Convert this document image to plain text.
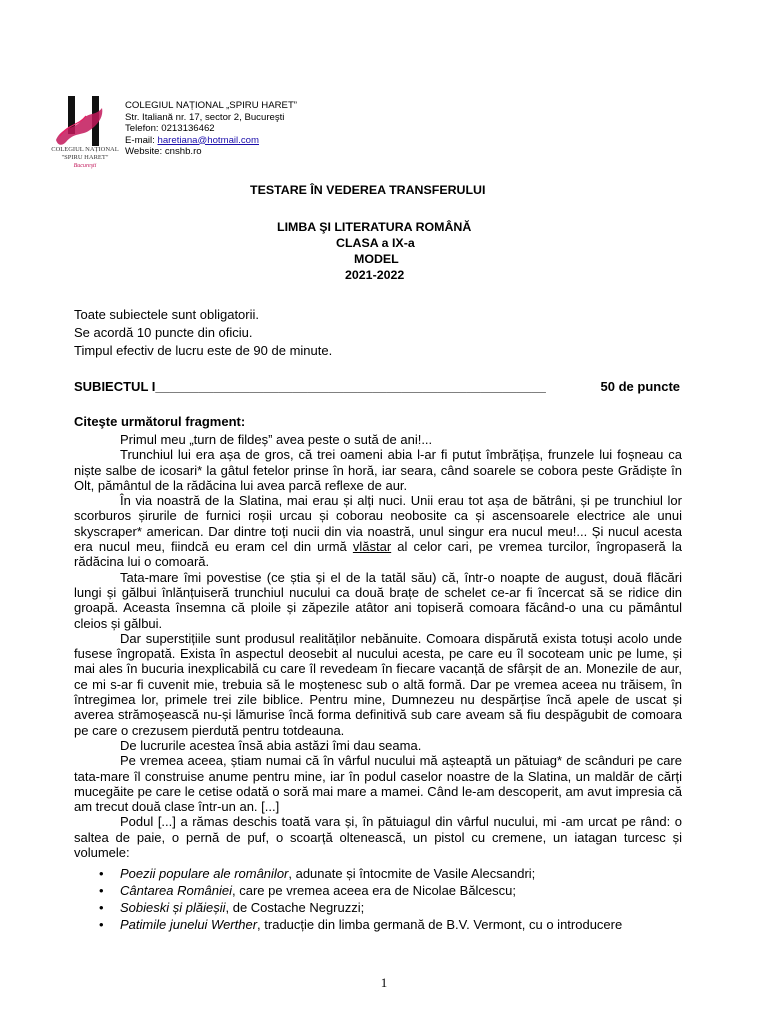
COLEGIUL NAȚIONAL
"SPIRU HARET"
Bucureşti
COLEGIUL NAȚIONAL „SPIRU HARET”
Str. Italiană nr. 17, sector 2, Bucureşti
Telefon: 0213136462
E-mail: haretiana@hotmail.com
Website: cnshb.ro
TESTARE ÎN VEDEREA TRANSFERULUI
LIMBA ŞI LITERATURA ROMÂNĂ
CLASA a IX-a
MODEL
2021-2022
Toate subiectele sunt obligatorii.
Se acordă 10 puncte din oficiu.
Timpul efectiv de lucru este de 90 de minute.
SUBIECTUL I______________________________________________________	50 de puncte
Citeşte următorul fragment:

Primul meu „turn de fildeș” avea peste o sută de ani!...

Trunchiul lui era așa de gros, că trei oameni abia l-ar fi putut îmbrățișa, frunzele lui foșneau ca niște salbe de icosari* la gâtul fetelor prinse în horă, iar seara, când soarele se cobora peste Grădiște în Olt, pământul de la rădăcina lui avea parcă reflexe de aur.

În via noastră de la Slatina, mai erau și alți nuci. Unii erau tot așa de bătrâni, și pe trunchiul lor scorburos șirurile de furnici roșii urcau și coborau neobosite ca și ascensoarele electrice ale unui skyscraper* american. Dar dintre toți nucii din via noastră, unul singur era nucul meu!... Și nucul acesta era nucul meu, fiindcă eu eram cel din urmă vlăstar al celor cari, pe vremea turcilor, îngropaseră la rădăcina lui o comoară.

Tata-mare îmi povestise (ce știa și el de la tatăl său) că, într-o noapte de august, două flăcări lungi și gălbui înlănțuiseră trunchiul nucului ca două brațe de schelet ce-ar fi încercat să se ridice din groapă. Aceasta însemna că ploile și zăpezile atâtor ani topiseră comoara făcând-o una cu pământul cleios și gălbui.

Dar superstițiile sunt produsul realităților nebănuite. Comoara dispărută exista totuși acolo unde fusese îngropată. Exista în aspectul deosebit al nucului acesta, pe care eu îl socoteam unic pe lume, și mai ales în bucuria inexplicabilă cu care îl revedeam în fiecare vacanță de sfârșit de an. Monezile de aur, ce mi s-ar fi cuvenit mie, trebuia să le moștenesc sub o altă formă. Dar pe vremea aceea nu trăisem, în întregimea lor, primele trei zile biblice. Pentru mine, Dumnezeu nu despărțise încă apele de uscat și averea strămoșească nu-și lămurise încă forma definitivă sub care aveam să fiu despăgubit de comoara pe care o crezusem pierdută pentru totdeauna.

De lucrurile acestea însă abia astăzi îmi dau seama.

Pe vremea aceea, știam numai că în vârful nucului mă așteaptă un pătuiag* de scânduri pe care tata-mare îl construise anume pentru mine, iar în podul caselor noastre de la Slatina, un maldăr de cărți mucegăite pe care le cetise odată o soră mai mare a mamei. Când le-am descoperit, am avut impresia că am trecut două clase într-un an. [...]

Podul [...] a rămas deschis toată vara și, în pătuiagul din vârful nucului, mi -am urcat pe rând: o saltea de paie, o pernă de puf, o scoarță oltenească, un pistol cu cremene, un iatagan turcesc și volumele:

• Poezii populare ale românilor, adunate și întocmite de Vasile Alecsandri;
• Cântarea României, care pe vremea aceea era de Nicolae Bălcescu;
• Sobieski și plăieșii, de Costache Negruzzi;
• Patimile junelui Werther, traducție din limba germană de B.V. Vermont, cu o introducere
1
